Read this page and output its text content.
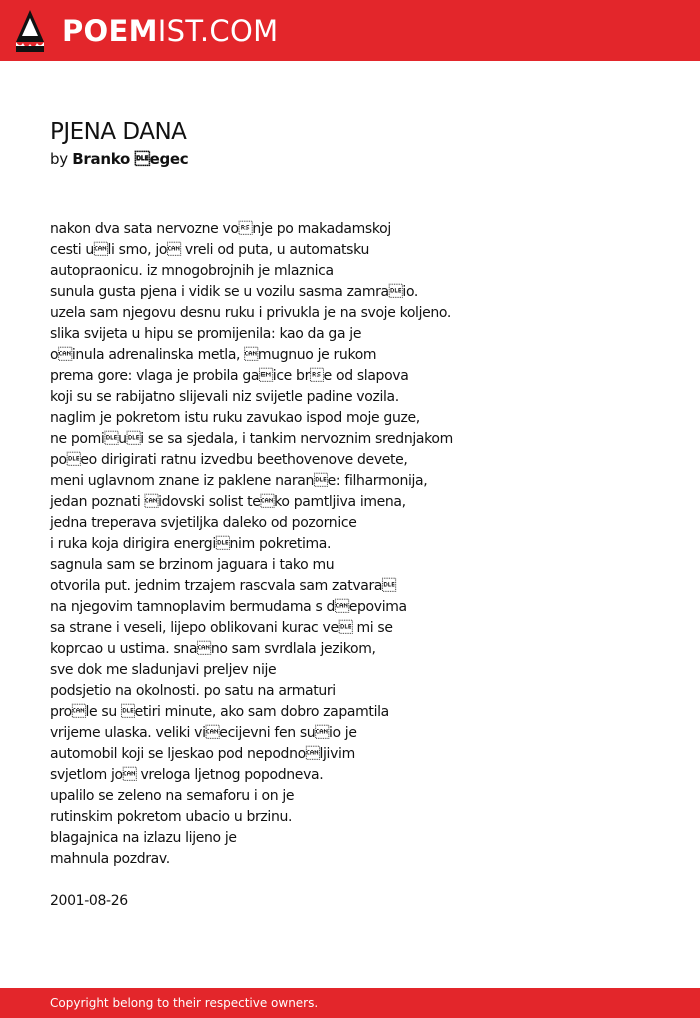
POEMIST.COM
PJENA DANA
by Branko egec
nakon dva sata nervozne vonje po makadamskoj
cesti uli smo, jo vreli od puta, u automatsku
autopraonicu. iz mnogobrojnih je mlaznica
sunula gusta pjena i vidik se u vozilu sasma zamraio.
uzela sam njegovu desnu ruku i privukla je na svoje koljeno.
slika svijeta u hipu se promijenila: kao da ga je
oinula adrenalinska metla, mugnuo je rukom
prema gore: vlaga je probila gaice bre od slapova
koji su se rabijatno slijevali niz svijetle padine vozila.
naglim je pokretom istu ruku zavukao ispod moje guze,
ne pomiui se sa sjedala, i tankim nervoznim srednjakom
poeo dirigirati ratnu izvedbu beethovenove devete,
meni uglavnom znane iz paklene narane: filharmonija,
jedan poznati idovski solist teko pamtljiva imena,
jedna treperava svjetiljka daleko od pozornice
i ruka koja dirigira energinim pokretima.
sagnula sam se brzinom jaguara i tako mu
otvorila put. jednim trzajem rascvala sam zatvara
na njegovim tamnoplavim bermudama s depovima
sa strane i veseli, lijepo oblikovani kurac ve mi se
koprcao u ustima. snano sam svrdlala jezikom,
sve dok me sladunjavi preljev nije
podsjetio na okolnosti. po satu na armaturi
prole su etiri minute, ako sam dobro zapamtila
vrijeme ulaska. veliki viecijevni fen suio je
automobil koji se ljeskao pod nepodnoljivim
svjetlom jo vreloga ljetnog popodneva.
upalilo se zeleno na semaforu i on je
rutinskim pokretom ubacio u brzinu.
blagajnica na izlazu lijeno je
mahnula pozdrav.
2001-08-26
Copyright belong to their respective owners.
